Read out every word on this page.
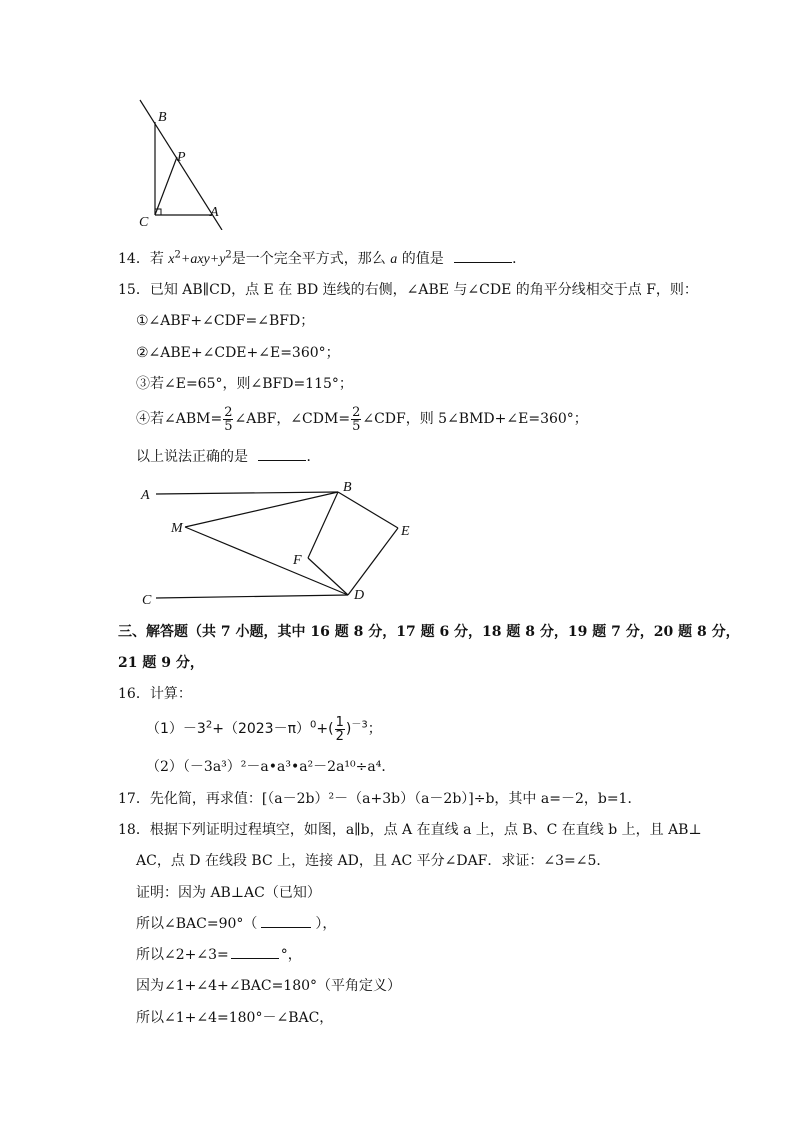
B
P
C
A
14．若 $x^2+axy+y^2$是一个完全平方式，那么 a 的值是	．
15．已知 AB∥CD，点 E 在 BD 连线的右侧，∠ABE 与∠CDE 的角平分线相交于点 F，则：
①∠ABF+∠CDF=∠BFD；
②∠ABE+∠CDE+∠E=360°；
③若∠E=65°，则∠BFD=115°；
④若∠ABM= $\frac{2}{5}$ ∠ABF，∠CDM= $\frac{2}{5}$ ∠CDF，则 5∠BMD+∠E=360°；
以上说法正确的是	．
A
B
M	E
F
C	D
三、解答题（共 7 小题，其中 16 题 8 分，17 题 6 分，18 题 8 分，19 题 7 分，20 题 8 分，
21 题 9 分，
16．计算：
$(1)-3^2+(2023-\pi)^0+( \frac{1}{2} )^{-3}$；
（2）（－3a³）²－a•a³•a²－2a¹⁰÷a⁴．
17．先化简，再求值：[（a－2b）²－（a+3b）（a－2b）]÷b，其中 a=－2，b=1．
18．根据下列证明过程填空，如图，a∥b，点 A 在直线 a 上，点 B、C 在直线 b 上，且 AB⊥
AC，点 D 在线段 BC 上，连接 AD，且 AC 平分∠DAF．求证：∠3=∠5．
证明：因为 AB⊥AC（已知）
所以∠BAC=90°（	），
所以∠2+∠3=	°，
因为∠1+∠4+∠BAC=180°（平角定义）
所以∠1+∠4=180°－∠BAC，
